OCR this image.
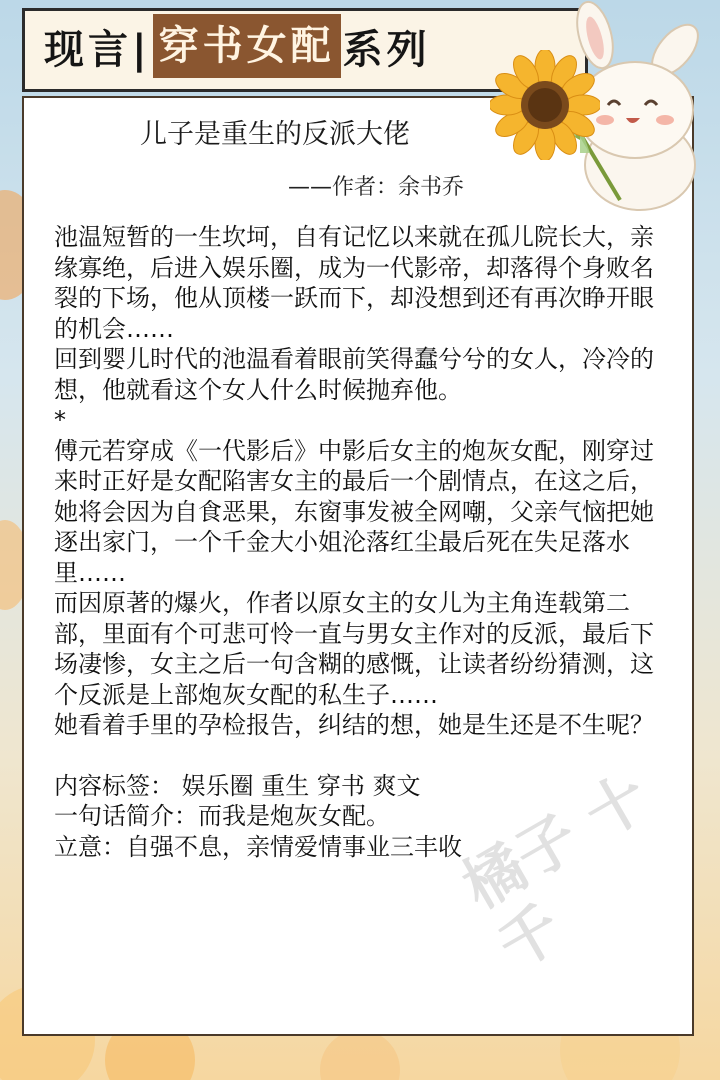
现言| 穿书女配 系列
儿子是重生的反派大佬
——作者：余书乔

池温短暂的一生坎坷，自有记忆以来就在孤儿院长大，亲缘寡绝，后进入娱乐圈，成为一代影帝，却落得个身败名裂的下场，他从顶楼一跃而下，却没想到还有再次睁开眼的机会……

回到婴儿时代的池温看着眼前笑得蠢兮兮的女人，冷冷的想，他就看这个女人什么时候抛弃他。

*

傅元若穿成《一代影后》中影后女主的炮灰女配，刚穿过来时正好是女配陷害女主的最后一个剧情点，在这之后，她将会因为自食恶果，东窗事发被全网嘲，父亲气恼把她逐出家门，一个千金大小姐沦落红尘最后死在失足落水里……

而因原著的爆火，作者以原女主的女儿为主角连载第二部，里面有个可悲可怜一直与男女主作对的反派，最后下场凄惨，女主之后一句含糊的感慨，让读者纷纷猜测，这个反派是上部炮灰女配的私生子……

她看着手里的孕检报告，纠结的想，她是生还是不生呢？

内容标签： 娱乐圈 重生 穿书 爽文

一句话简介：而我是炮灰女配。

立意：自强不息，亲情爱情事业三丰收

橘子 ⼗ 千
